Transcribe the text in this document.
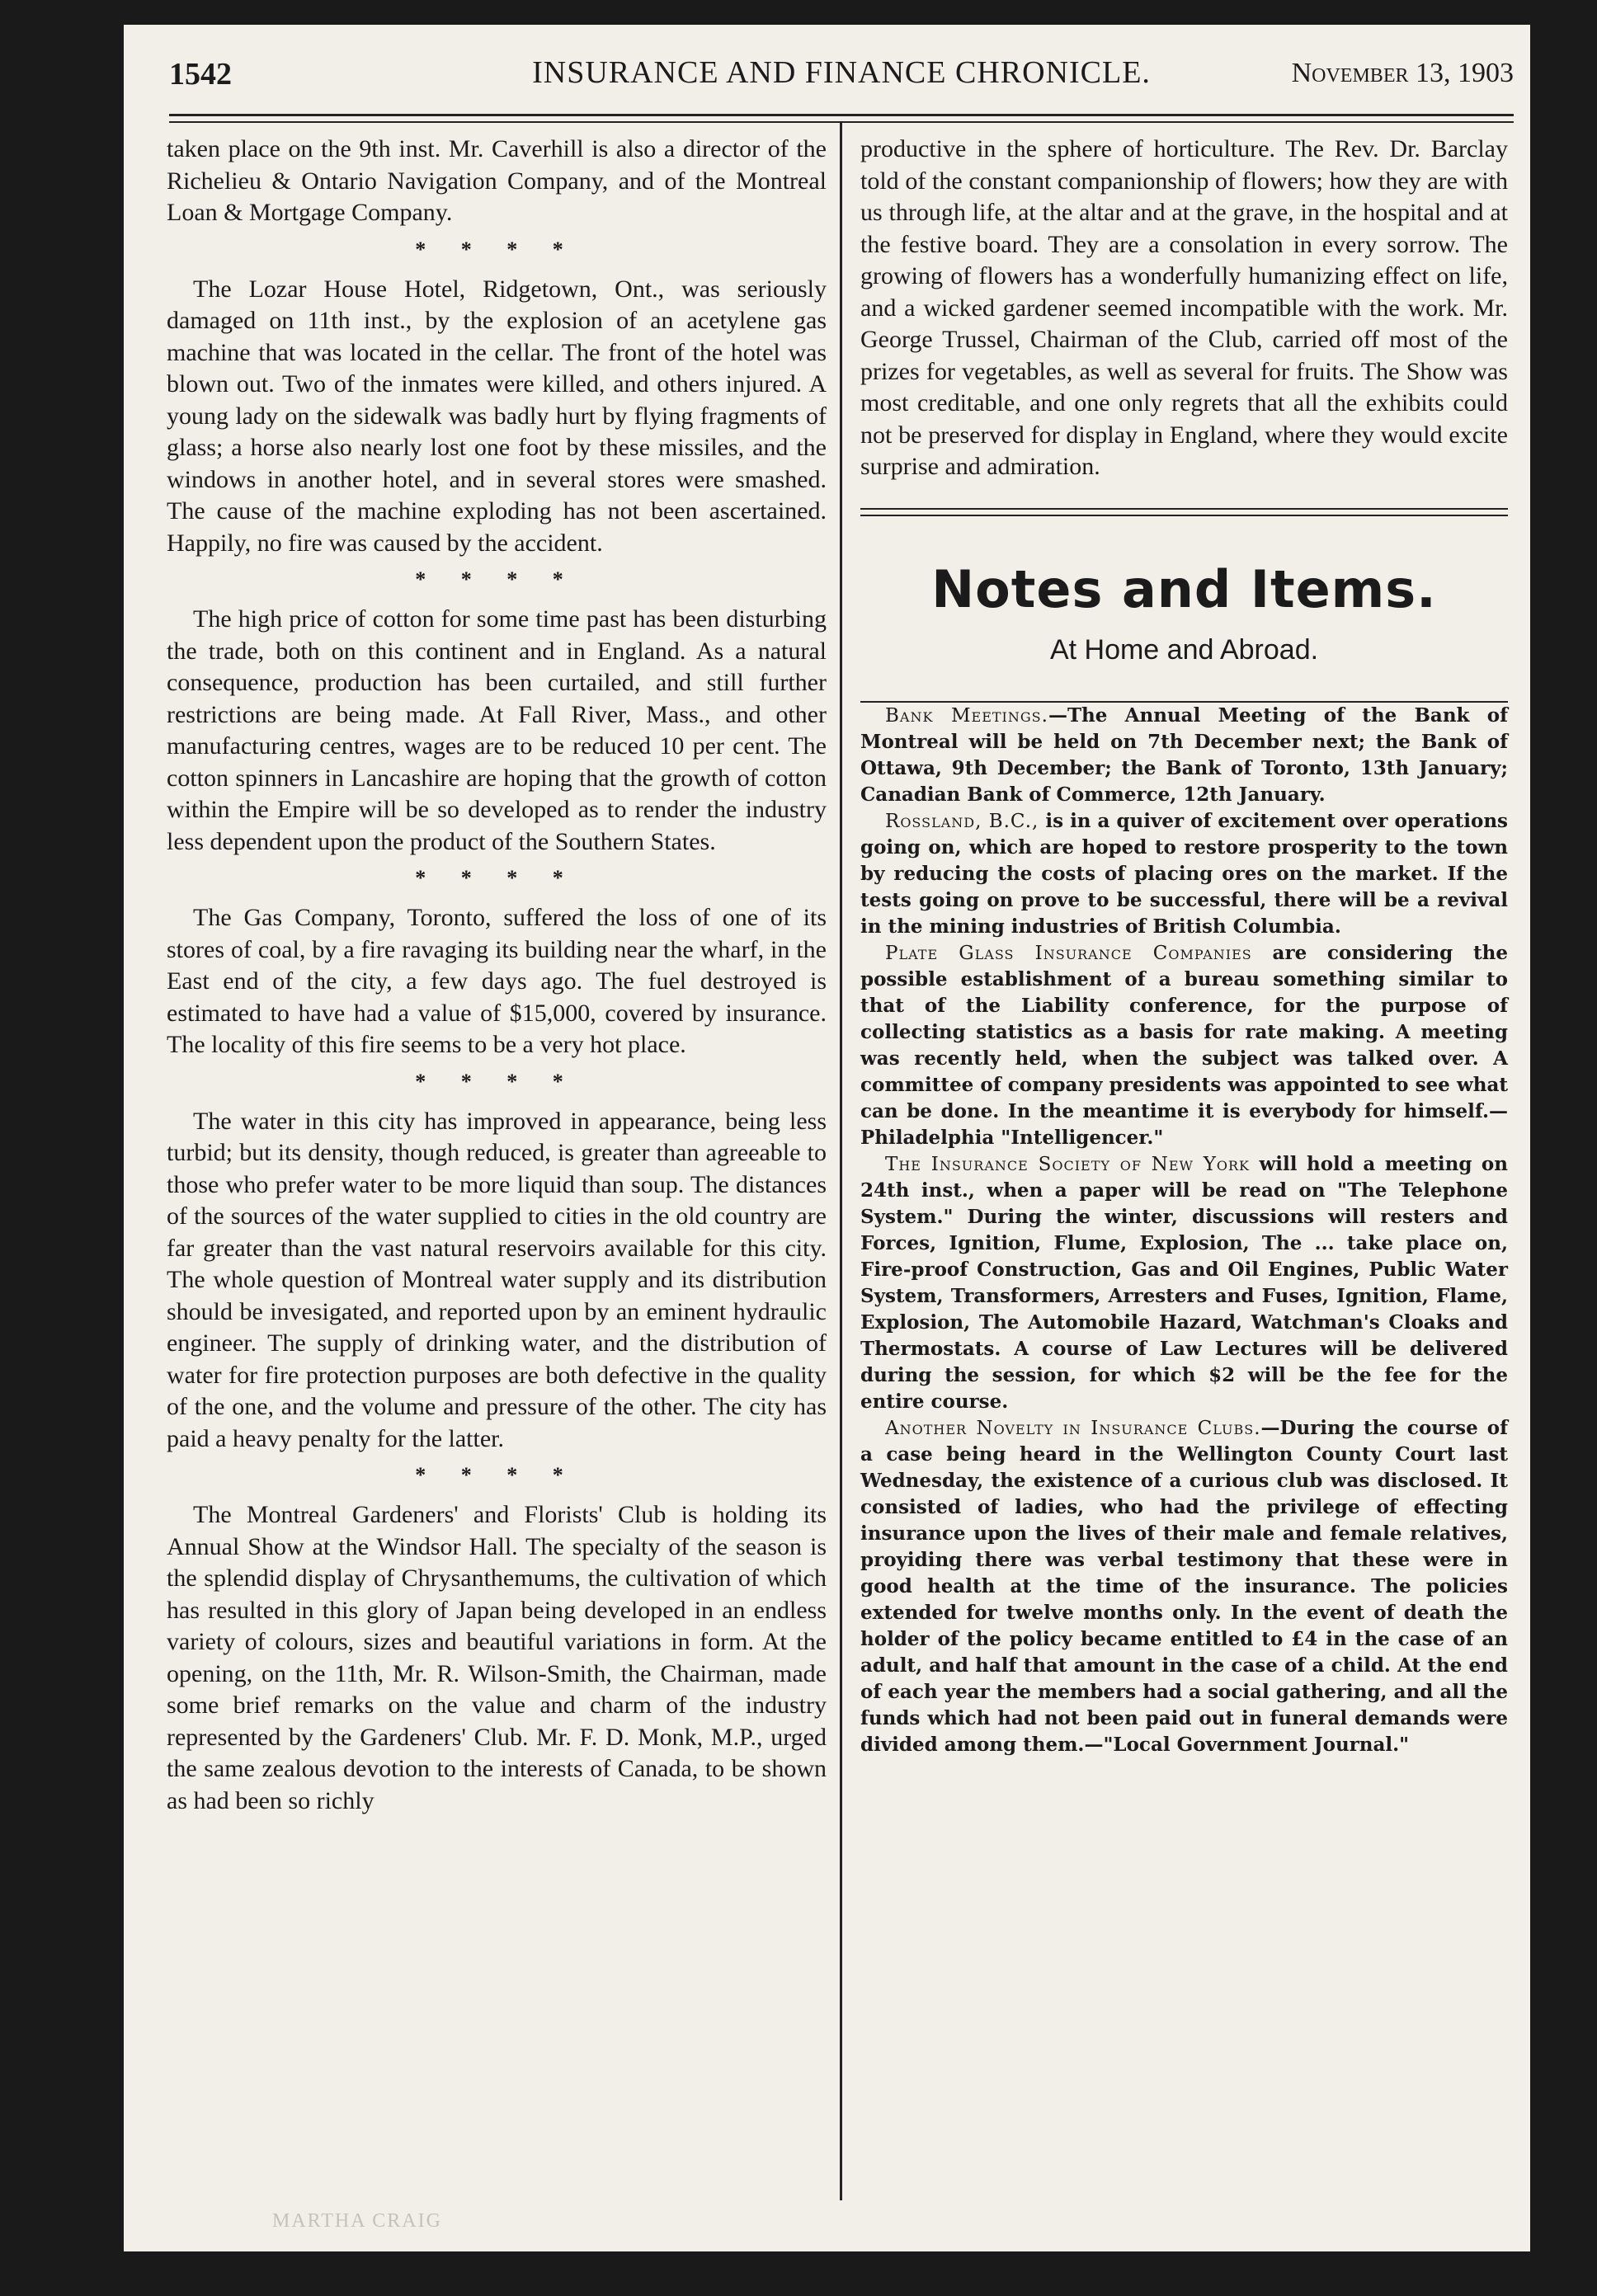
1542	INSURANCE AND FINANCE CHRONICLE.	November 13, 1903

taken place on the 9th inst. Mr. Caverhill is also a director of the Richelieu & Ontario Navigation Company, and of the Montreal Loan & Mortgage Company.

* * * *

The Lozar House Hotel, Ridgetown, Ont., was seriously damaged on 11th inst., by the explosion of an acetylene gas machine that was located in the cellar. The front of the hotel was blown out. Two of the inmates were killed, and others injured. A young lady on the sidewalk was badly hurt by flying fragments of glass; a horse also nearly lost one foot by these missiles, and the windows in another hotel, and in several stores were smashed. The cause of the machine exploding has not been ascertained. Happily, no fire was caused by the accident.

* * * *

The high price of cotton for some time past has been disturbing the trade, both on this continent and in England. As a natural consequence, production has been curtailed, and still further restrictions are being made. At Fall River, Mass., and other manufacturing centres, wages are to be reduced 10 per cent. The cotton spinners in Lancashire are hoping that the growth of cotton within the Empire will be so developed as to render the industry less dependent upon the product of the Southern States.

* * * *

The Gas Company, Toronto, suffered the loss of one of its stores of coal, by a fire ravaging its building near the wharf, in the East end of the city, a few days ago. The fuel destroyed is estimated to have had a value of $15,000, covered by insurance. The locality of this fire seems to be a very hot place.

* * * *

The water in this city has improved in appearance, being less turbid; but its density, though reduced, is greater than agreeable to those who prefer water to be more liquid than soup. The distances of the sources of the water supplied to cities in the old country are far greater than the vast natural reservoirs available for this city. The whole question of Montreal water supply and its distribution should be invesigated, and reported upon by an eminent hydraulic engineer. The supply of drinking water, and the distribution of water for fire protection purposes are both defective in the quality of the one, and the volume and pressure of the other. The city has paid a heavy penalty for the latter.

* * * *

The Montreal Gardeners' and Florists' Club is holding its Annual Show at the Windsor Hall. The specialty of the season is the splendid display of Chrysanthemums, the cultivation of which has resulted in this glory of Japan being developed in an endless variety of colours, sizes and beautiful variations in form. At the opening, on the 11th, Mr. R. Wilson-Smith, the Chairman, made some brief remarks on the value and charm of the industry represented by the Gardeners' Club. Mr. F. D. Monk, M.P., urged the same zealous devotion to the interests of Canada, to be shown as had been so richly

productive in the sphere of horticulture. The Rev. Dr. Barclay told of the constant companionship of flowers; how they are with us through life, at the altar and at the grave, in the hospital and at the festive board. They are a consolation in every sorrow. The growing of flowers has a wonderfully humanizing effect on life, and a wicked gardener seemed incompatible with the work. Mr. George Trussel, Chairman of the Club, carried off most of the prizes for vegetables, as well as several for fruits. The Show was most creditable, and one only regrets that all the exhibits could not be preserved for display in England, where they would excite surprise and admiration.

Notes and Items.
At Home and Abroad.

Bank Meetings.—The Annual Meeting of the Bank of Montreal will be held on 7th December next; the Bank of Ottawa, 9th December; the Bank of Toronto, 13th January; Canadian Bank of Commerce, 12th January.

Rossland, B.C., is in a quiver of excitement over operations going on, which are hoped to restore prosperity to the town by reducing the costs of placing ores on the market. If the tests going on prove to be successful, there will be a revival in the mining industries of British Columbia.

Plate Glass Insurance Companies are considering the possible establishment of a bureau something similar to that of the Liability conference, for the purpose of collecting statistics as a basis for rate making. A meeting was recently held, when the subject was talked over. A committee of company presidents was appointed to see what can be done. In the meantime it is everybody for himself.—Philadelphia "Intelligencer."

The Insurance Society of New York will hold a meeting on 24th inst., when a paper will be read on "The Telephone System." During the winter, discussions will resters and Forces, Ignition, Flume, Explosion, The ... take place on, Fire-proof Construction, Gas and Oil Engines, Public Water System, Transformers, Arresters and Fuses, Ignition, Flame, Explosion, The Automobile Hazard, Watchman's Cloaks and Thermostats. A course of Law Lectures will be delivered during the session, for which $2 will be the fee for the entire course.

Another Novelty in Insurance Clubs.—During the course of a case being heard in the Wellington County Court last Wednesday, the existence of a curious club was disclosed. It consisted of ladies, who had the privilege of effecting insurance upon the lives of their male and female relatives, proyiding there was verbal testimony that these were in good health at the time of the insurance. The policies extended for twelve months only. In the event of death the holder of the policy became entitled to £4 in the case of an adult, and half that amount in the case of a child. At the end of each year the members had a social gathering, and all the funds which had not been paid out in funeral demands were divided among them.—"Local Government Journal."

MARTHA CRAIG
